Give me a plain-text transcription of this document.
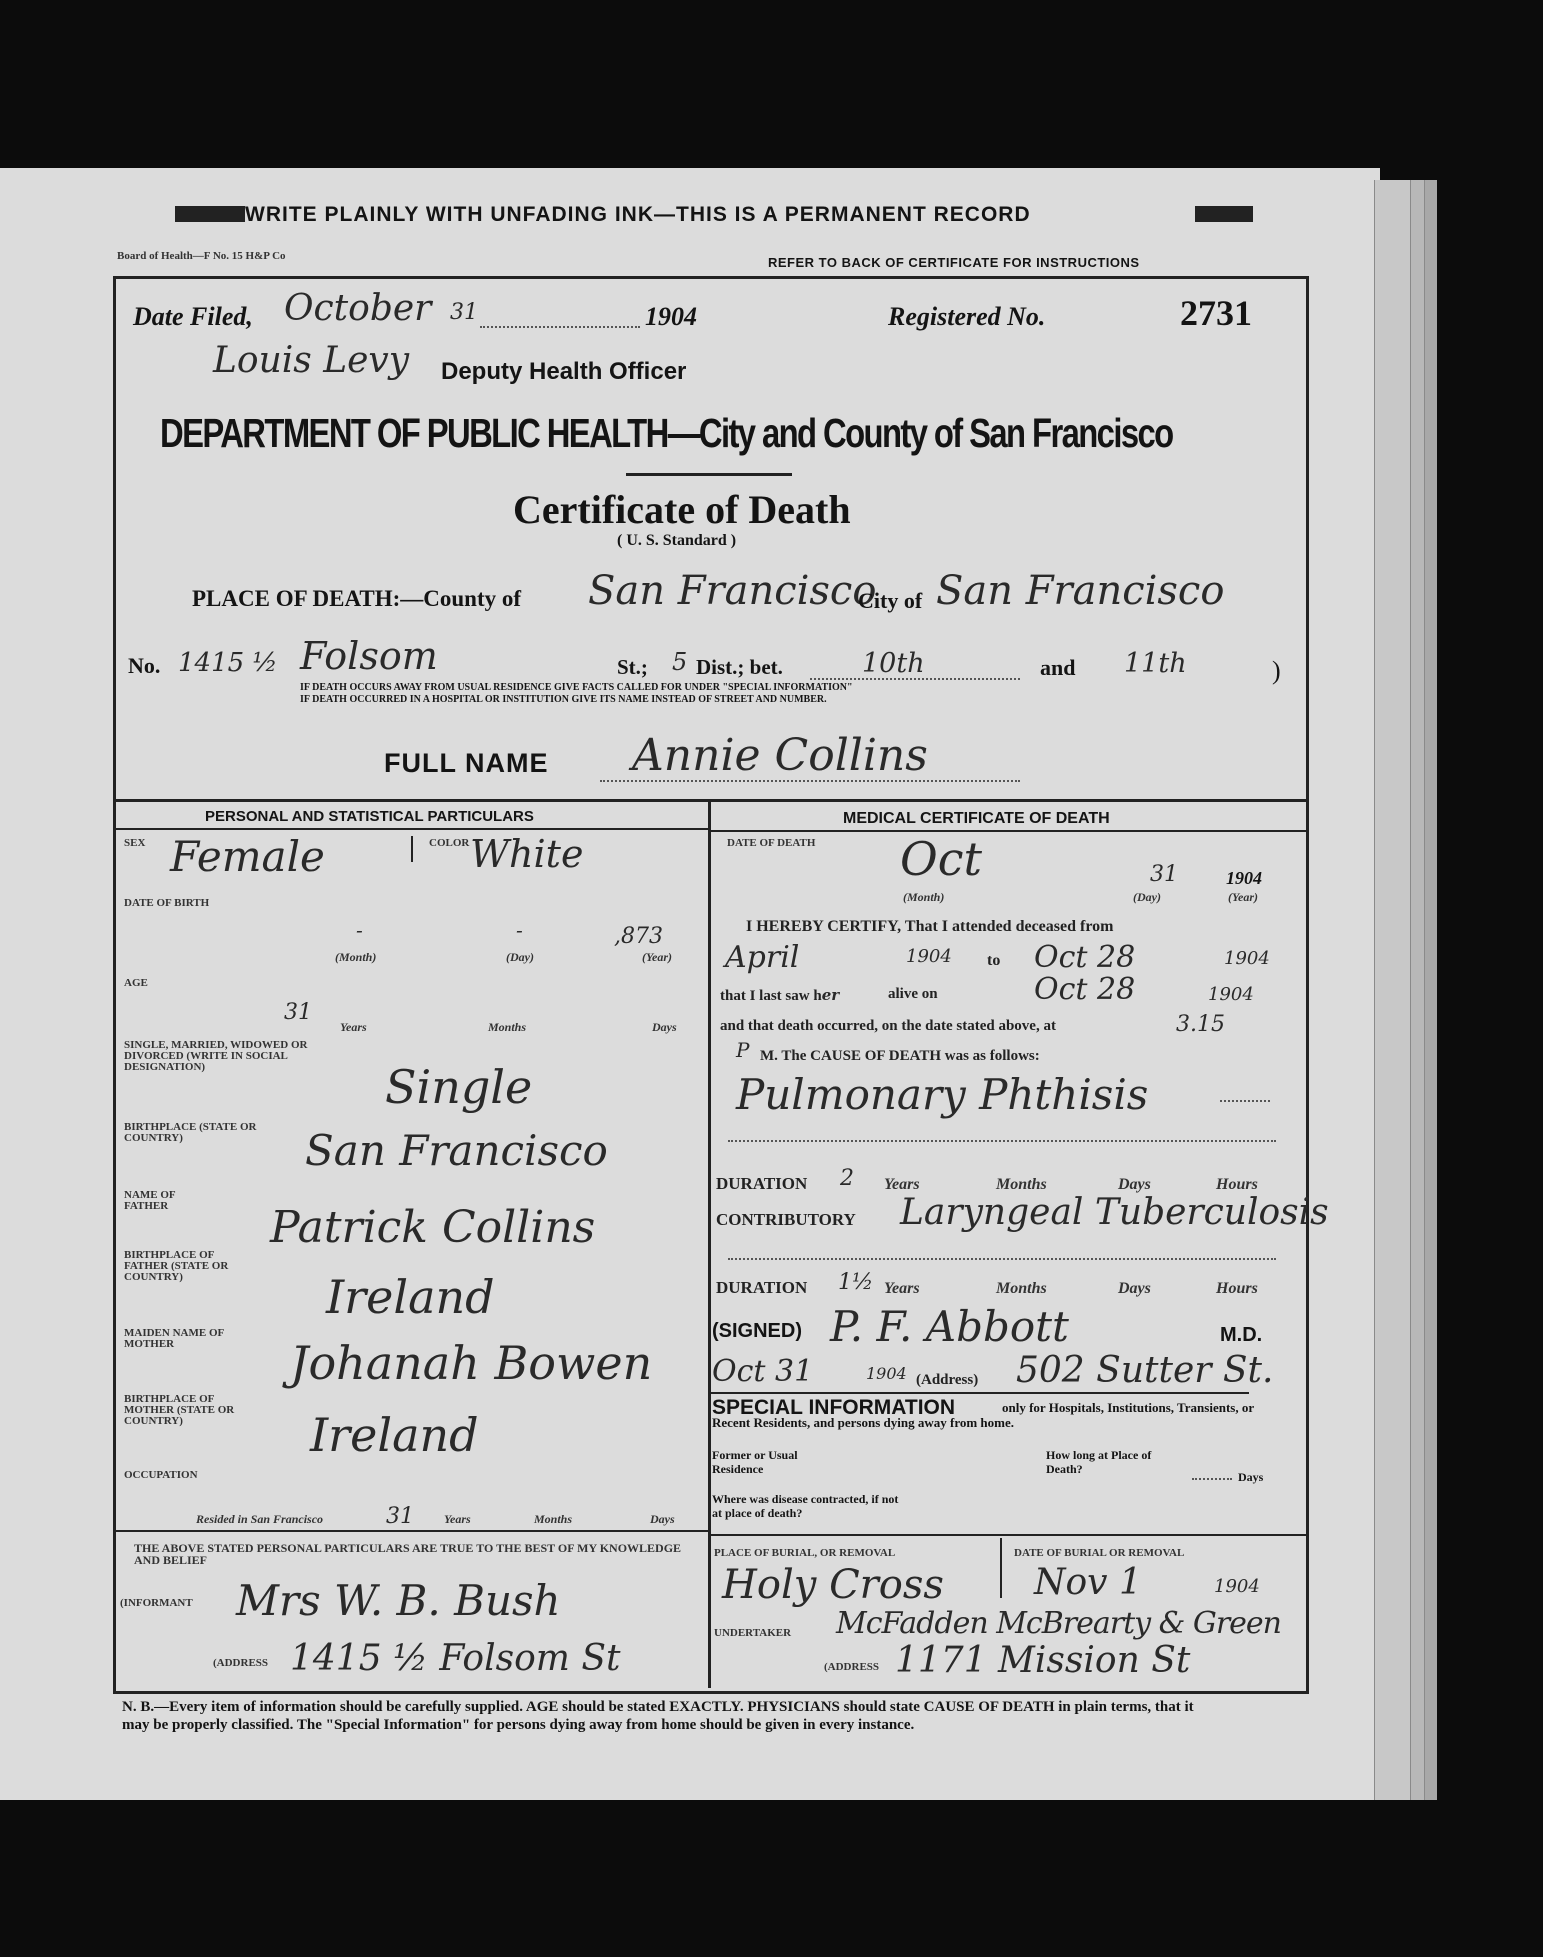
WRITE PLAINLY WITH UNFADING INK—THIS IS A PERMANENT RECORD
Board of Health—F No. 15 H&P Co	REFER TO BACK OF CERTIFICATE FOR INSTRUCTIONS
Date Filed, October 31	1904	Registered No.	2731
Louis Levy Deputy Health Officer
DEPARTMENT OF PUBLIC HEALTH—City and County of San Francisco
Certificate of Death
( U. S. Standard )
PLACE OF DEATH:—County of San Francisco
City of San Francisco
No. 1415 ½ Folsom	St.; 5 Dist.; bet.	10th	and 11th	)
IF DEATH OCCURS AWAY FROM USUAL RESIDENCE GIVE FACTS CALLED FOR UNDER "SPECIAL INFORMATION"
IF DEATH OCCURRED IN A HOSPITAL OR INSTITUTION GIVE ITS NAME INSTEAD OF STREET AND NUMBER.
FULL NAME Annie Collins
PERSONAL AND STATISTICAL PARTICULARS
SEX Female	COLOR White
DATE OF BIRTH
-	-	,873
(Month)	(Day)	(Year)
AGE
31
Years	Months	Days
SINGLE, MARRIED, WIDOWED OR DIVORCED (WRITE IN SOCIAL DESIGNATION)	Single
BIRTHPLACE (STATE OR COUNTRY)	San Francisco
NAME OF FATHER	Patrick Collins
BIRTHPLACE OF FATHER (STATE OR COUNTRY)	Ireland
MAIDEN NAME OF MOTHER	Johanah Bowen
BIRTHPLACE OF MOTHER (STATE OR COUNTRY)	Ireland
OCCUPATION
Resided in San Francisco	31	Years	Months	Days
THE ABOVE STATED PERSONAL PARTICULARS ARE TRUE TO THE BEST OF MY KNOWLEDGE AND BELIEF
(INFORMANT Mrs W. B. Bush
(ADDRESS 1415 ½ Folsom St
MEDICAL CERTIFICATE OF DEATH
DATE OF DEATH Oct	31	1904
(Month)	(Day)	(Year)
I HEREBY CERTIFY, That I attended deceased from
April	1904 to Oct 28	1904
that I last saw her	alive on	Oct 28	1904
and that death occurred, on the date stated above, at	3.15
P M. The CAUSE OF DEATH was as follows:
Pulmonary Phthisis
DURATION 2 Years	Months	Days	Hours
CONTRIBUTORY Laryngeal Tuberculosis
DURATION 1½ Years	Months	Days	Hours
(SIGNED) P. F. Abbott	M.D.
Oct 31	1904 (Address) 502 Sutter St.
SPECIAL INFORMATION	only for Hospitals, Institutions, Transients, or Recent Residents, and persons dying away from home.
Former or Usual Residence
How long at Place of Death?
Days
Where was disease contracted, if not at place of death?
PLACE OF BURIAL, OR REMOVAL	DATE OF BURIAL OR REMOVAL
Holy Cross	Nov 1	1904
UNDERTAKER McFadden McBrearty & Green
(ADDRESS 1171 Mission St
N. B.—Every item of information should be carefully supplied. AGE should be stated EXACTLY. PHYSICIANS should state CAUSE OF DEATH in plain terms, that it may be properly classified. The "Special Information" for persons dying away from home should be given in every instance.
